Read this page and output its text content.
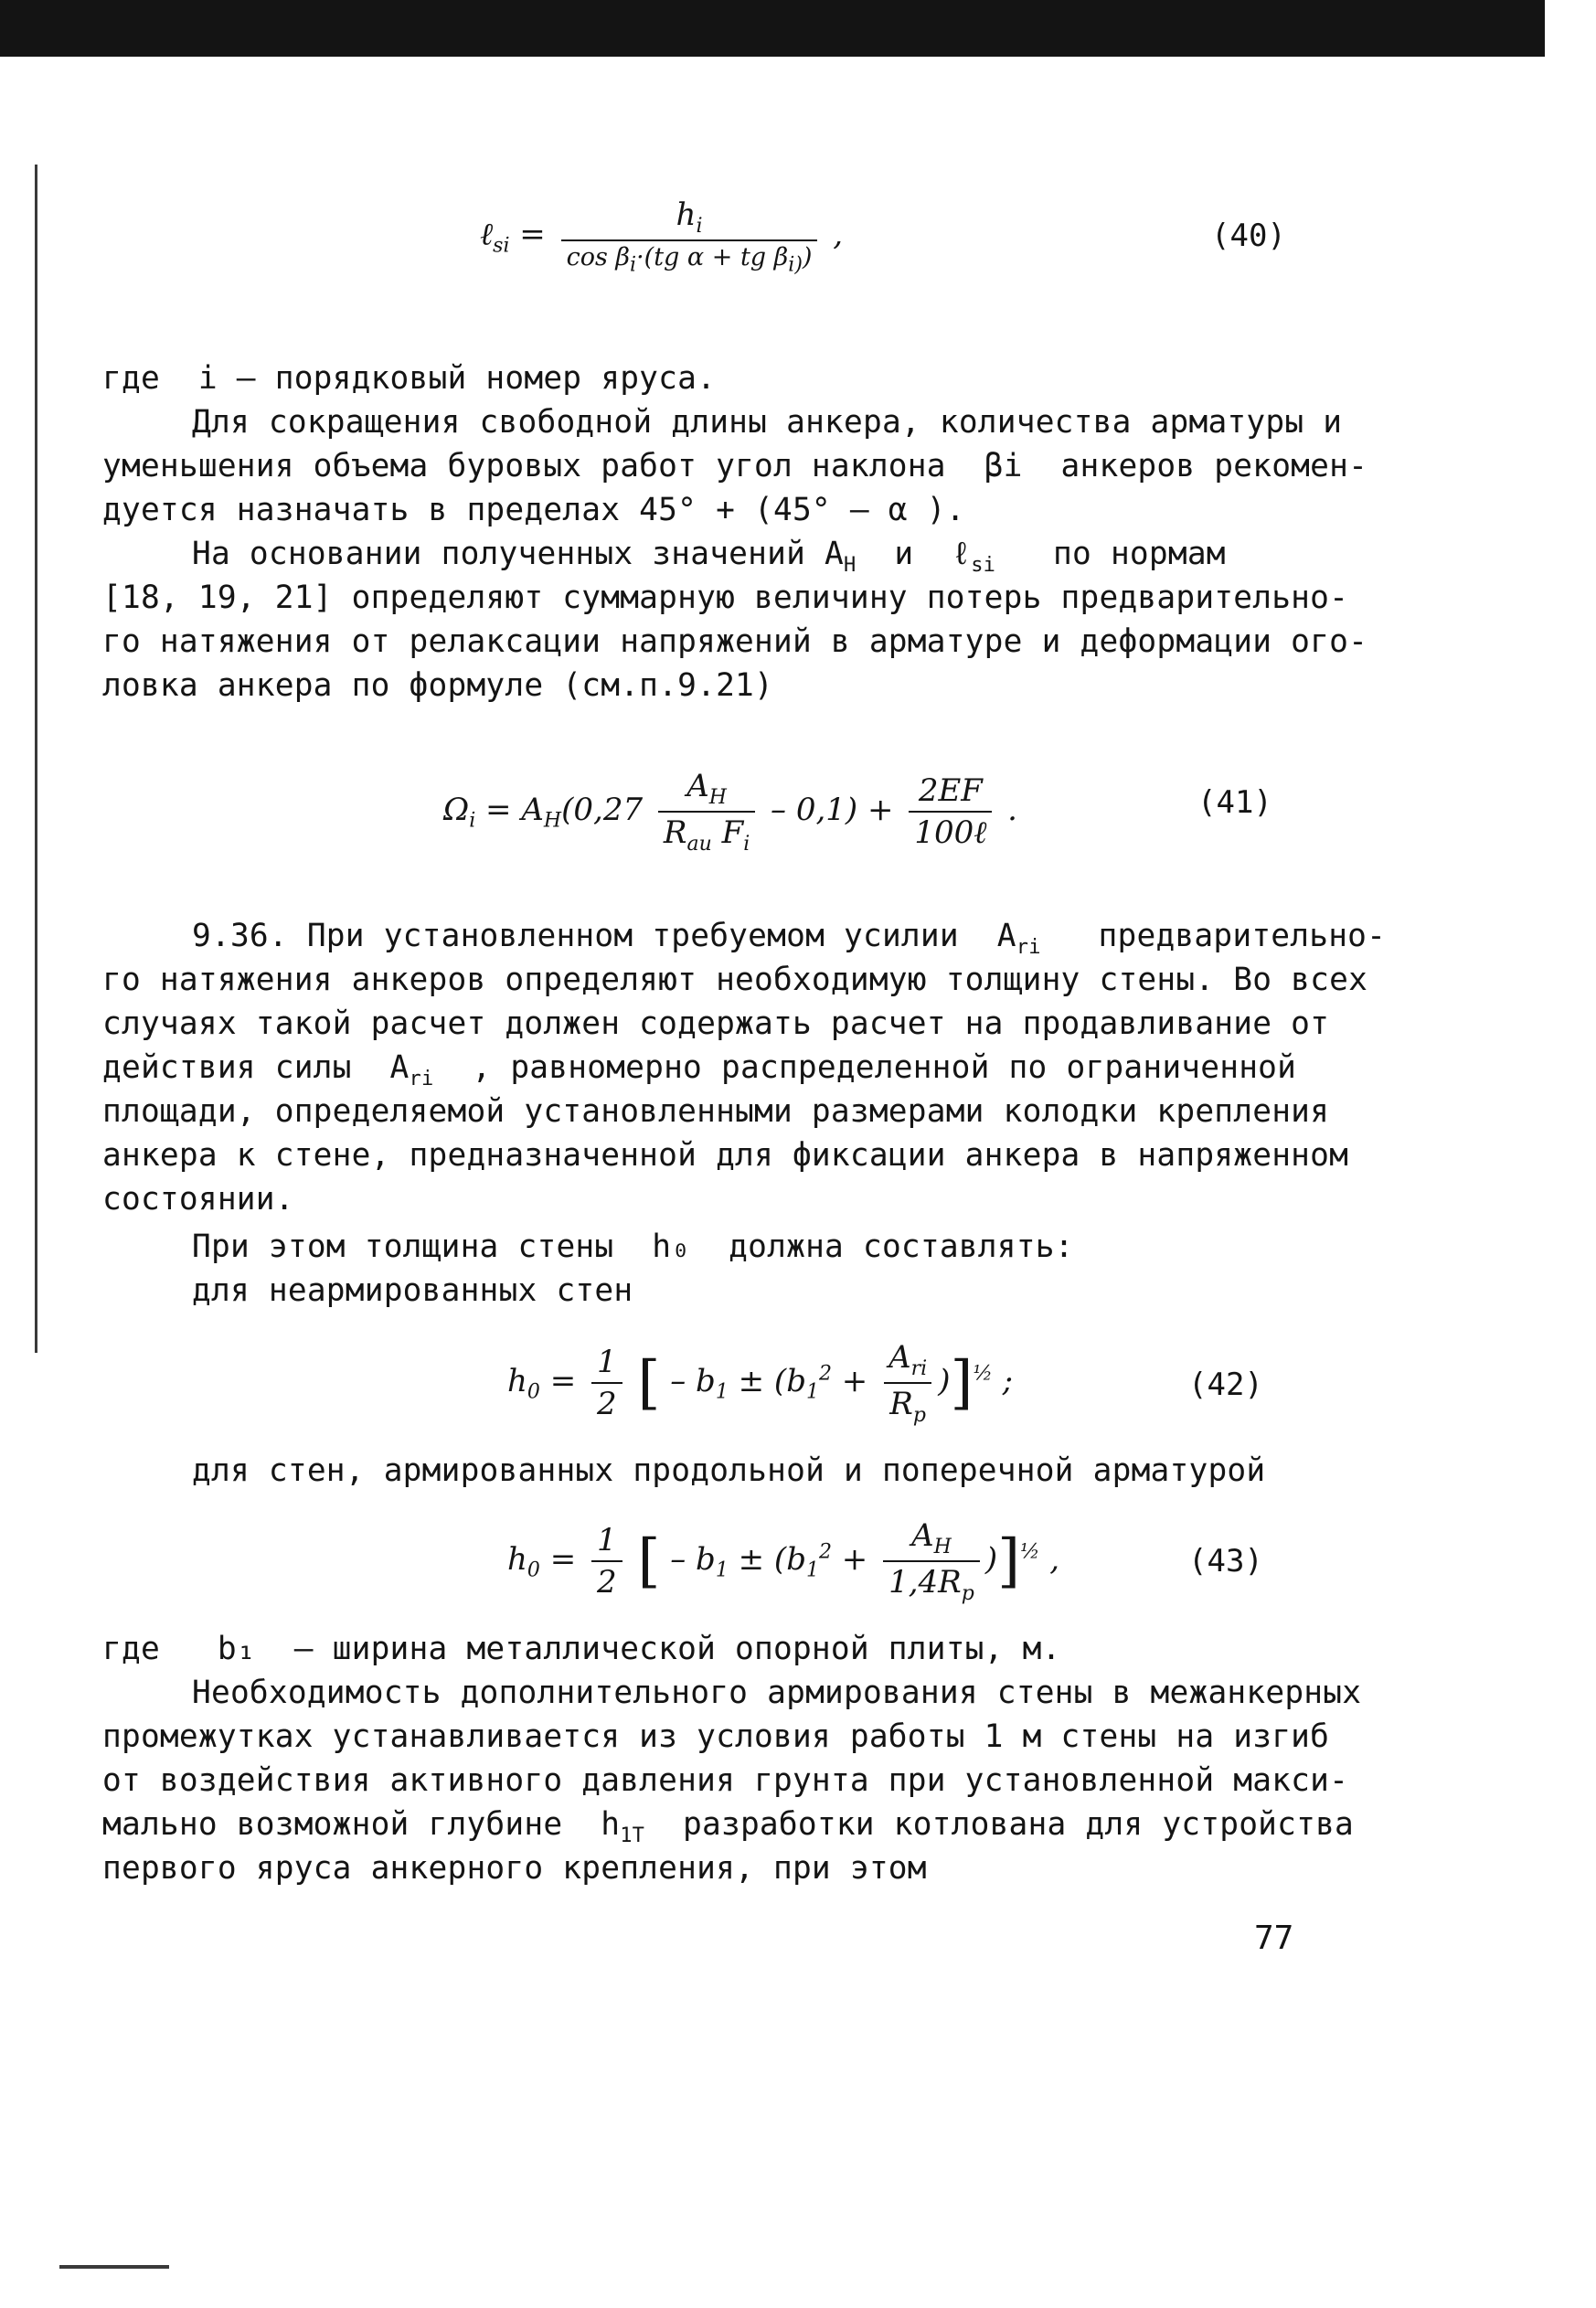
ℓ$_{si}$ = $\frac{h_i}{\cos \beta_i\cdot(tg \alpha + tg \beta_{i)})}$ ,	(40)
где  i – порядковый номер яруса.
Для сокращения свободной длины анкера, количества арматуры и
уменьшения объема буровых работ угол наклона  βi  анкеров рекомен-
дуется назначать в пределах 45° + (45° – α ).
На основании полученных значений $A_H$  и  ℓ$_{si}$   по нормам
[18, 19, 21] определяют суммарную величину потерь предварительно-
го натяжения от релаксации напряжений в арматуре и деформации ого-
ловка анкера по формуле (см.п.9.21)
$\Omega_i = A_H(0,27 \frac{A_H}{R_{au} F_i} - 0,1) + \frac{2EF}{\text{100ℓ}}$ .	(41)
9.36. При установленном требуемом усилии  $A_{ri}$   предварительно-
го натяжения анкеров определяют необходимую толщину стены. Во всех
случаях такой расчет должен содержать расчет на продавливание от
действия силы  $A_{ri}$  , равномерно распределенной по ограниченной
площади, определяемой установленными размерами колодки крепления
анкера к стене, предназначенной для фиксации анкера в напряженном
состоянии.
При этом толщина стены  h₀  должна составлять:
для неармированных стен
$h_0 = \frac{1}{2}$ [ – $b_1 \pm (b_1^2 + \frac{A_{ri}}{R_p} )]^{\frac{1}{2}}$ ;	(42)
для стен, армированных продольной и поперечной арматурой
$h_0 = \frac{1}{2}$ [ – $b_1 \pm (b_1^2 + \frac{A_H}{1,4R_p} )]^{\frac{1}{2}}$ ,	(43)
где   b₁  – ширина металлической опорной плиты, м.
Необходимость дополнительного армирования стены в межанкерных
промежутках устанавливается из условия работы 1 м стены на изгиб
от воздействия активного давления грунта при установленной макси-
мально возможной глубине  $h_{1T}$  разработки котлована для устройства
первого яруса анкерного крепления, при этом
77
